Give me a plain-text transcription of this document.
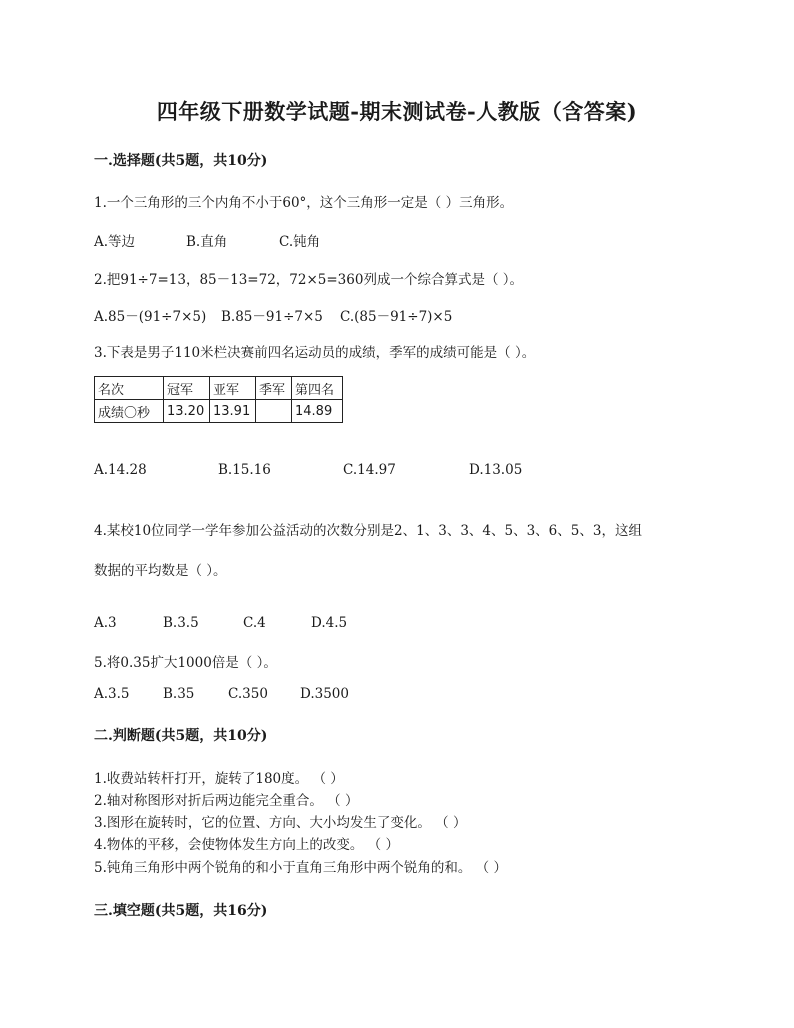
四年级下册数学试题-期末测试卷-人教版（含答案)
一.选择题(共5题，共10分)
1.一个三角形的三个内角不小于60°，这个三角形一定是（ ）三角形。
A.等边	B.直角	C.钝角
2.把91÷7=13，85－13=72，72×5=360列成一个综合算式是（ ）。
A.85－(91÷7×5) B.85－91÷7×5 C.(85－91÷7)×5
3.下表是男子110米栏决赛前四名运动员的成绩，季军的成绩可能是（ ）。
名次	冠军	亚军	季军	第四名
成绩〇秒	13.20	13.91		14.89
A.14.28	B.15.16	C.14.97	D.13.05
4.某校10位同学一学年参加公益活动的次数分别是2、1、3、3、4、5、3、6、5、3，这组
数据的平均数是（ ）。
A.3	B.3.5	C.4	D.4.5
5.将0.35扩大1000倍是（ ）。
A.3.5 B.35 C.350 D.3500
二.判断题(共5题，共10分)
1.收费站转杆打开，旋转了180度。 （ ）
2.轴对称图形对折后两边能完全重合。 （ ）
3.图形在旋转时，它的位置、方向、大小均发生了变化。 （ ）
4.物体的平移，会使物体发生方向上的改变。 （ ）
5.钝角三角形中两个锐角的和小于直角三角形中两个锐角的和。 （ ）
三.填空题(共5题，共16分)
